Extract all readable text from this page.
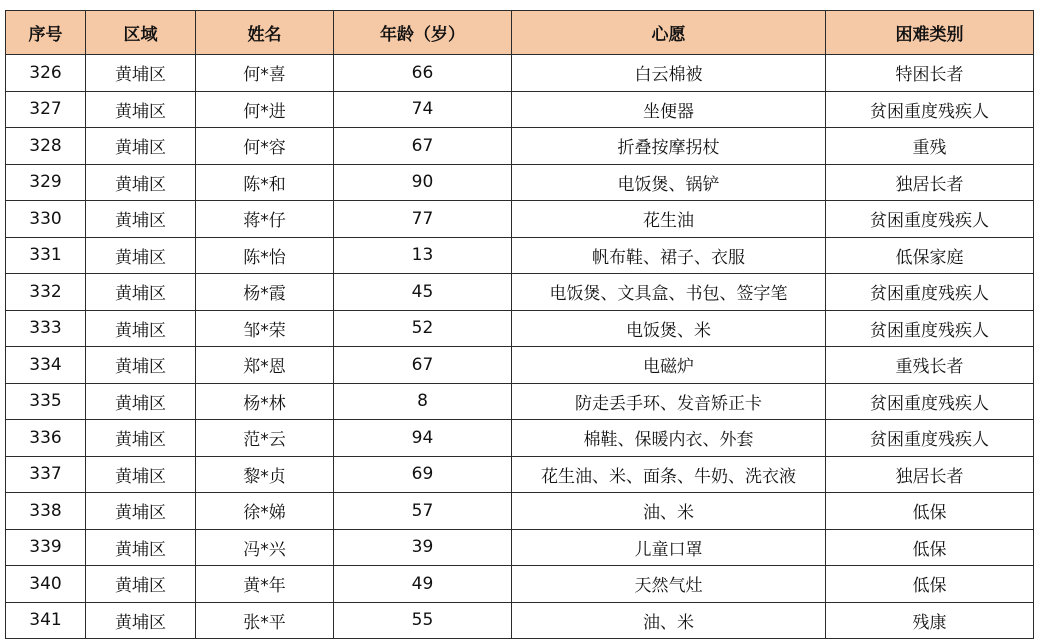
序号	区域	姓名	年龄（岁）	心愿	困难类别
326	黄埔区	何*喜	66	白云棉被	特困长者
327	黄埔区	何*进	74	坐便器	贫困重度残疾人
328	黄埔区	何*容	67	折叠按摩拐杖	重残
329	黄埔区	陈*和	90	电饭煲、锅铲	独居长者
330	黄埔区	蒋*仔	77	花生油	贫困重度残疾人
331	黄埔区	陈*怡	13	帆布鞋、裙子、衣服	低保家庭
332	黄埔区	杨*霞	45	电饭煲、文具盒、书包、签字笔	贫困重度残疾人
333	黄埔区	邹*荣	52	电饭煲、米	贫困重度残疾人
334	黄埔区	郑*恩	67	电磁炉	重残长者
335	黄埔区	杨*林	8	防走丢手环、发音矫正卡	贫困重度残疾人
336	黄埔区	范*云	94	棉鞋、保暖内衣、外套	贫困重度残疾人
337	黄埔区	黎*贞	69	花生油、米、面条、牛奶、洗衣液	独居长者
338	黄埔区	徐*娣	57	油、米	低保
339	黄埔区	冯*兴	39	儿童口罩	低保
340	黄埔区	黄*年	49	天然气灶	低保
341	黄埔区	张*平	55	油、米	残康
